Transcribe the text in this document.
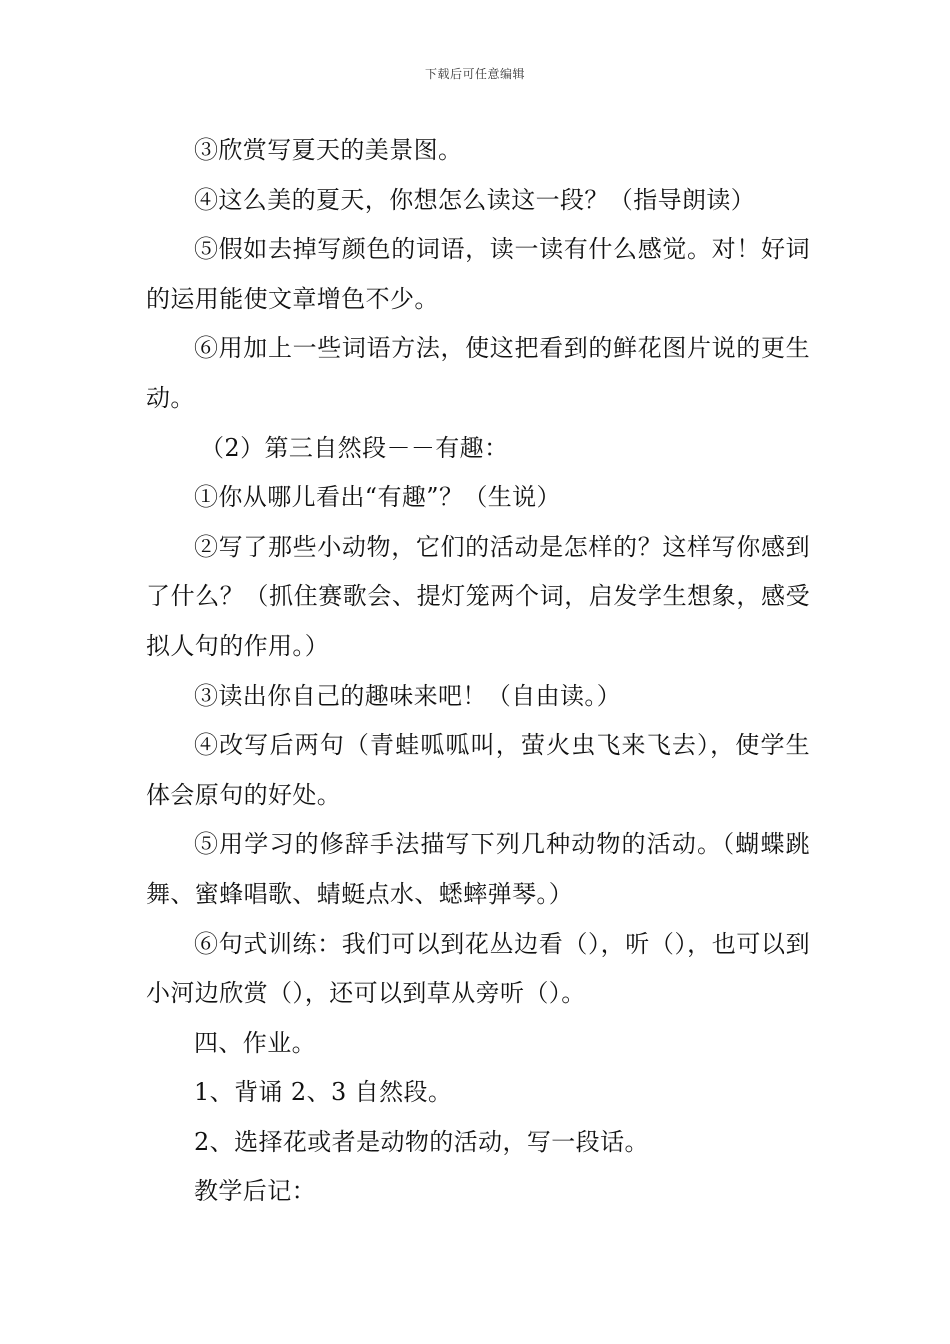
下载后可任意编辑

③欣赏写夏天的美景图。

④这么美的夏天，你想怎么读这一段？（指导朗读）

⑤假如去掉写颜色的词语，读一读有什么感觉。对！好词的运用能使文章增色不少。

⑥用加上一些词语方法，使这把看到的鲜花图片说的更生动。

（2）第三自然段－－有趣：

①你从哪儿看出“有趣”？（生说）

②写了那些小动物，它们的活动是怎样的？这样写你感到了什么？（抓住赛歌会、提灯笼两个词，启发学生想象，感受拟人句的作用。）

③读出你自己的趣味来吧！（自由读。）

④改写后两句（青蛙呱呱叫，萤火虫飞来飞去），使学生体会原句的好处。

⑤用学习的修辞手法描写下列几种动物的活动。（蝴蝶跳舞、蜜蜂唱歌、蜻蜓点水、蟋蟀弹琴。）

⑥句式训练：我们可以到花丛边看（），听（），也可以到小河边欣赏（），还可以到草从旁听（）。

四、作业。

1、背诵 2、3 自然段。

2、选择花或者是动物的活动，写一段话。

教学后记：
